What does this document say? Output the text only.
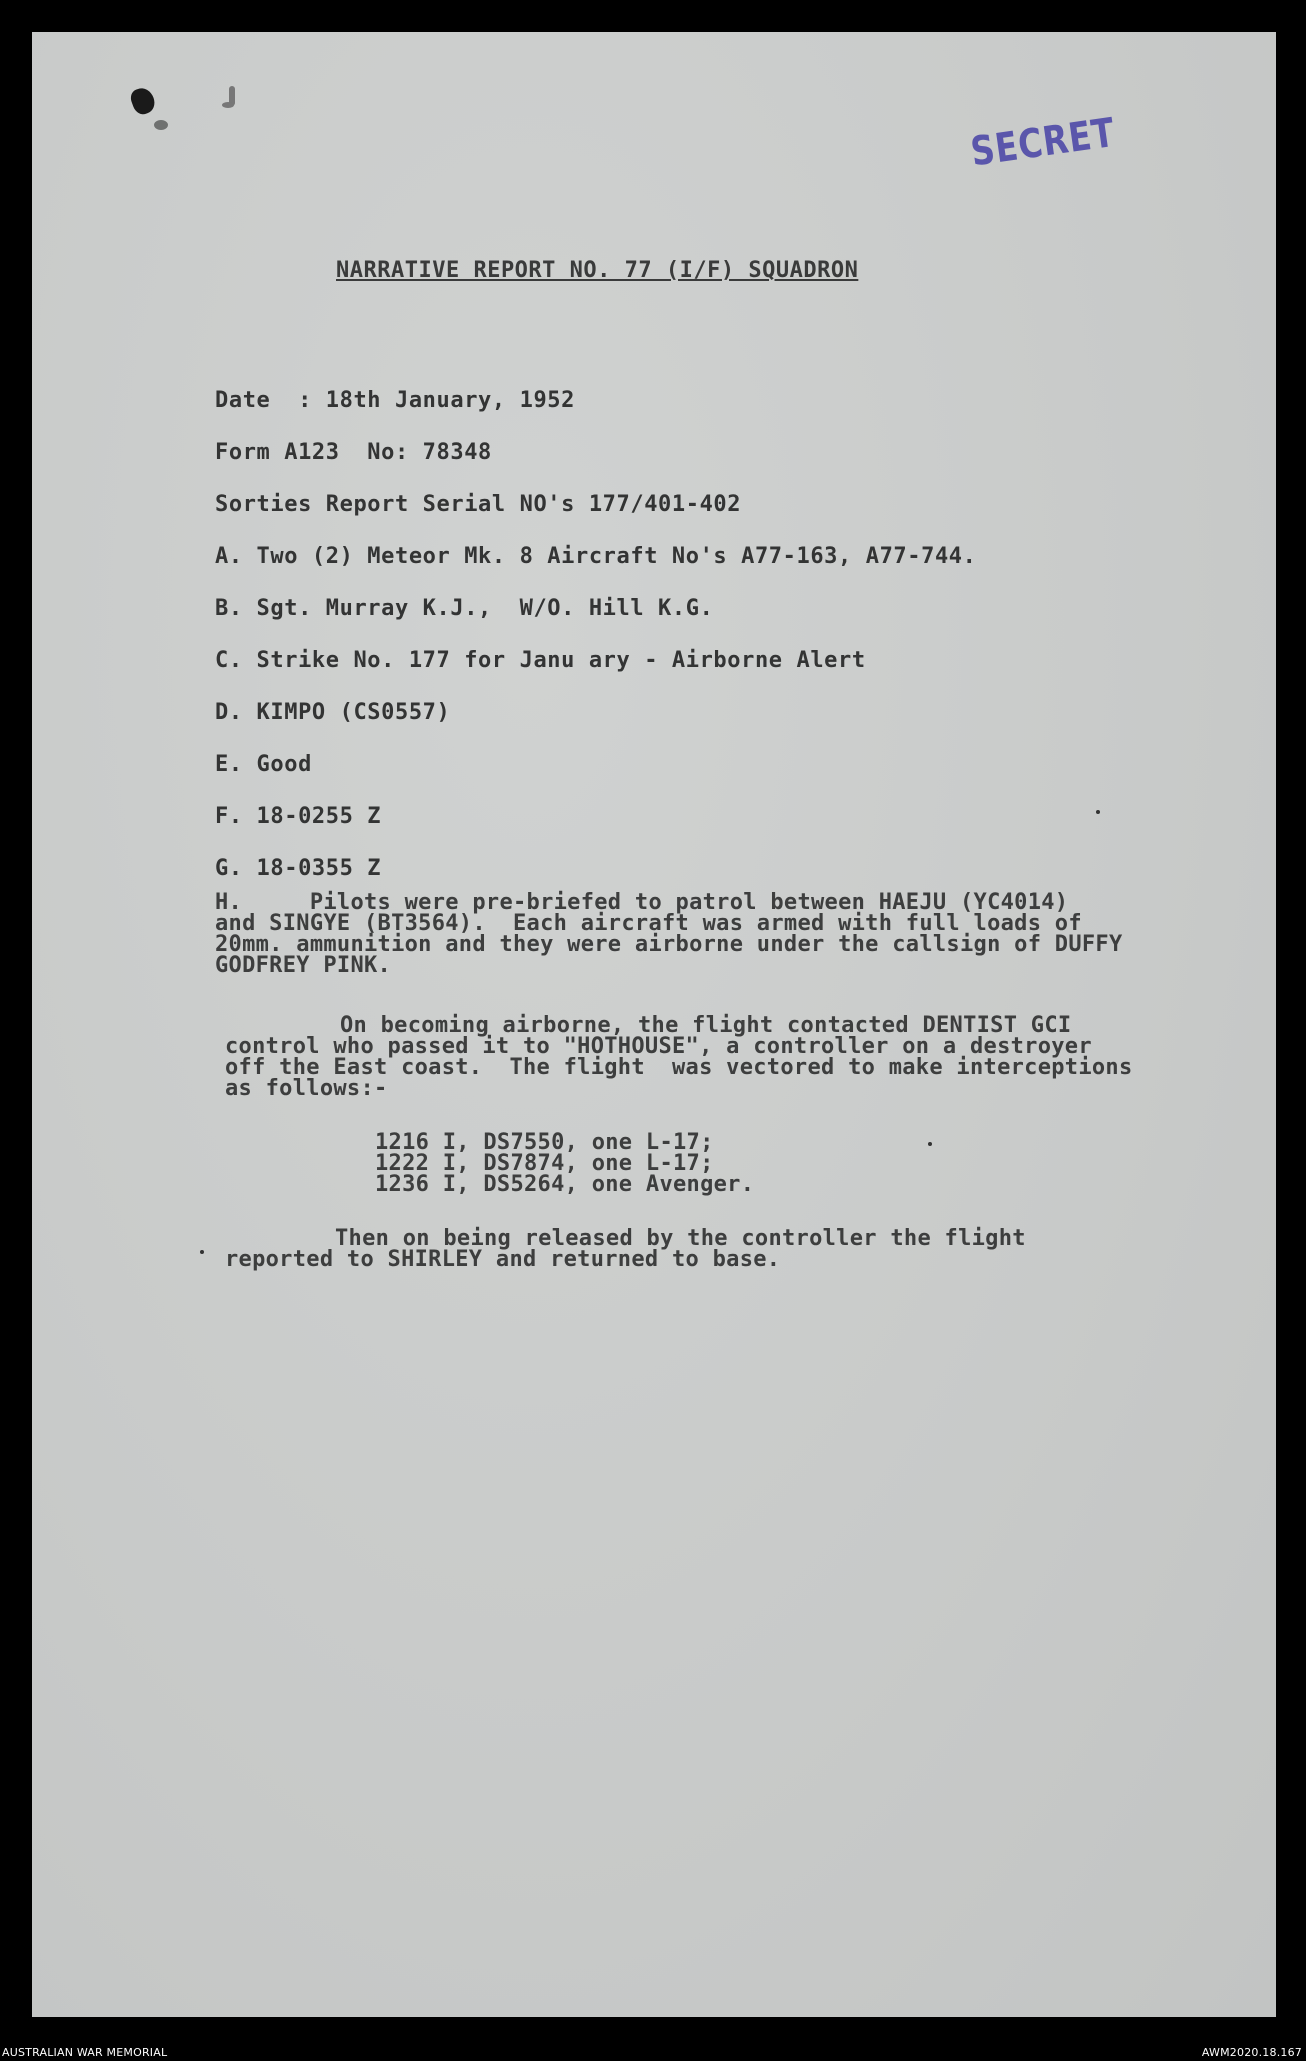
SECRET
NARRATIVE REPORT NO. 77 (I/F) SQUADRON
Date  : 18th January, 1952
Form A123  No: 78348
Sorties Report Serial NO's 177/401-402
A. Two (2) Meteor Mk. 8 Aircraft No's A77-163, A77-744.
B. Sgt. Murray K.J.,  W/O. Hill K.G.
C. Strike No. 177 for Janu ary - Airborne Alert
D. KIMPO (CS0557)
E. Good
F. 18-0255 Z
G. 18-0355 Z
H.     Pilots were pre-briefed to patrol between HAEJU (YC4014)
and SINGYE (BT3564).  Each aircraft was armed with full loads of
20mm. ammunition and they were airborne under the callsign of DUFFY
GODFREY PINK.
On becoming airborne, the flight contacted DENTIST GCI
control who passed it to "HOTHOUSE", a controller on a destroyer
off the East coast.  The flight  was vectored to make interceptions
as follows:-
1216 I, DS7550, one L-17;
1222 I, DS7874, one L-17;
1236 I, DS5264, one Avenger.
Then on being released by the controller the flight
reported to SHIRLEY and returned to base.
AUSTRALIAN WAR MEMORIAL	AWM2020.18.167
